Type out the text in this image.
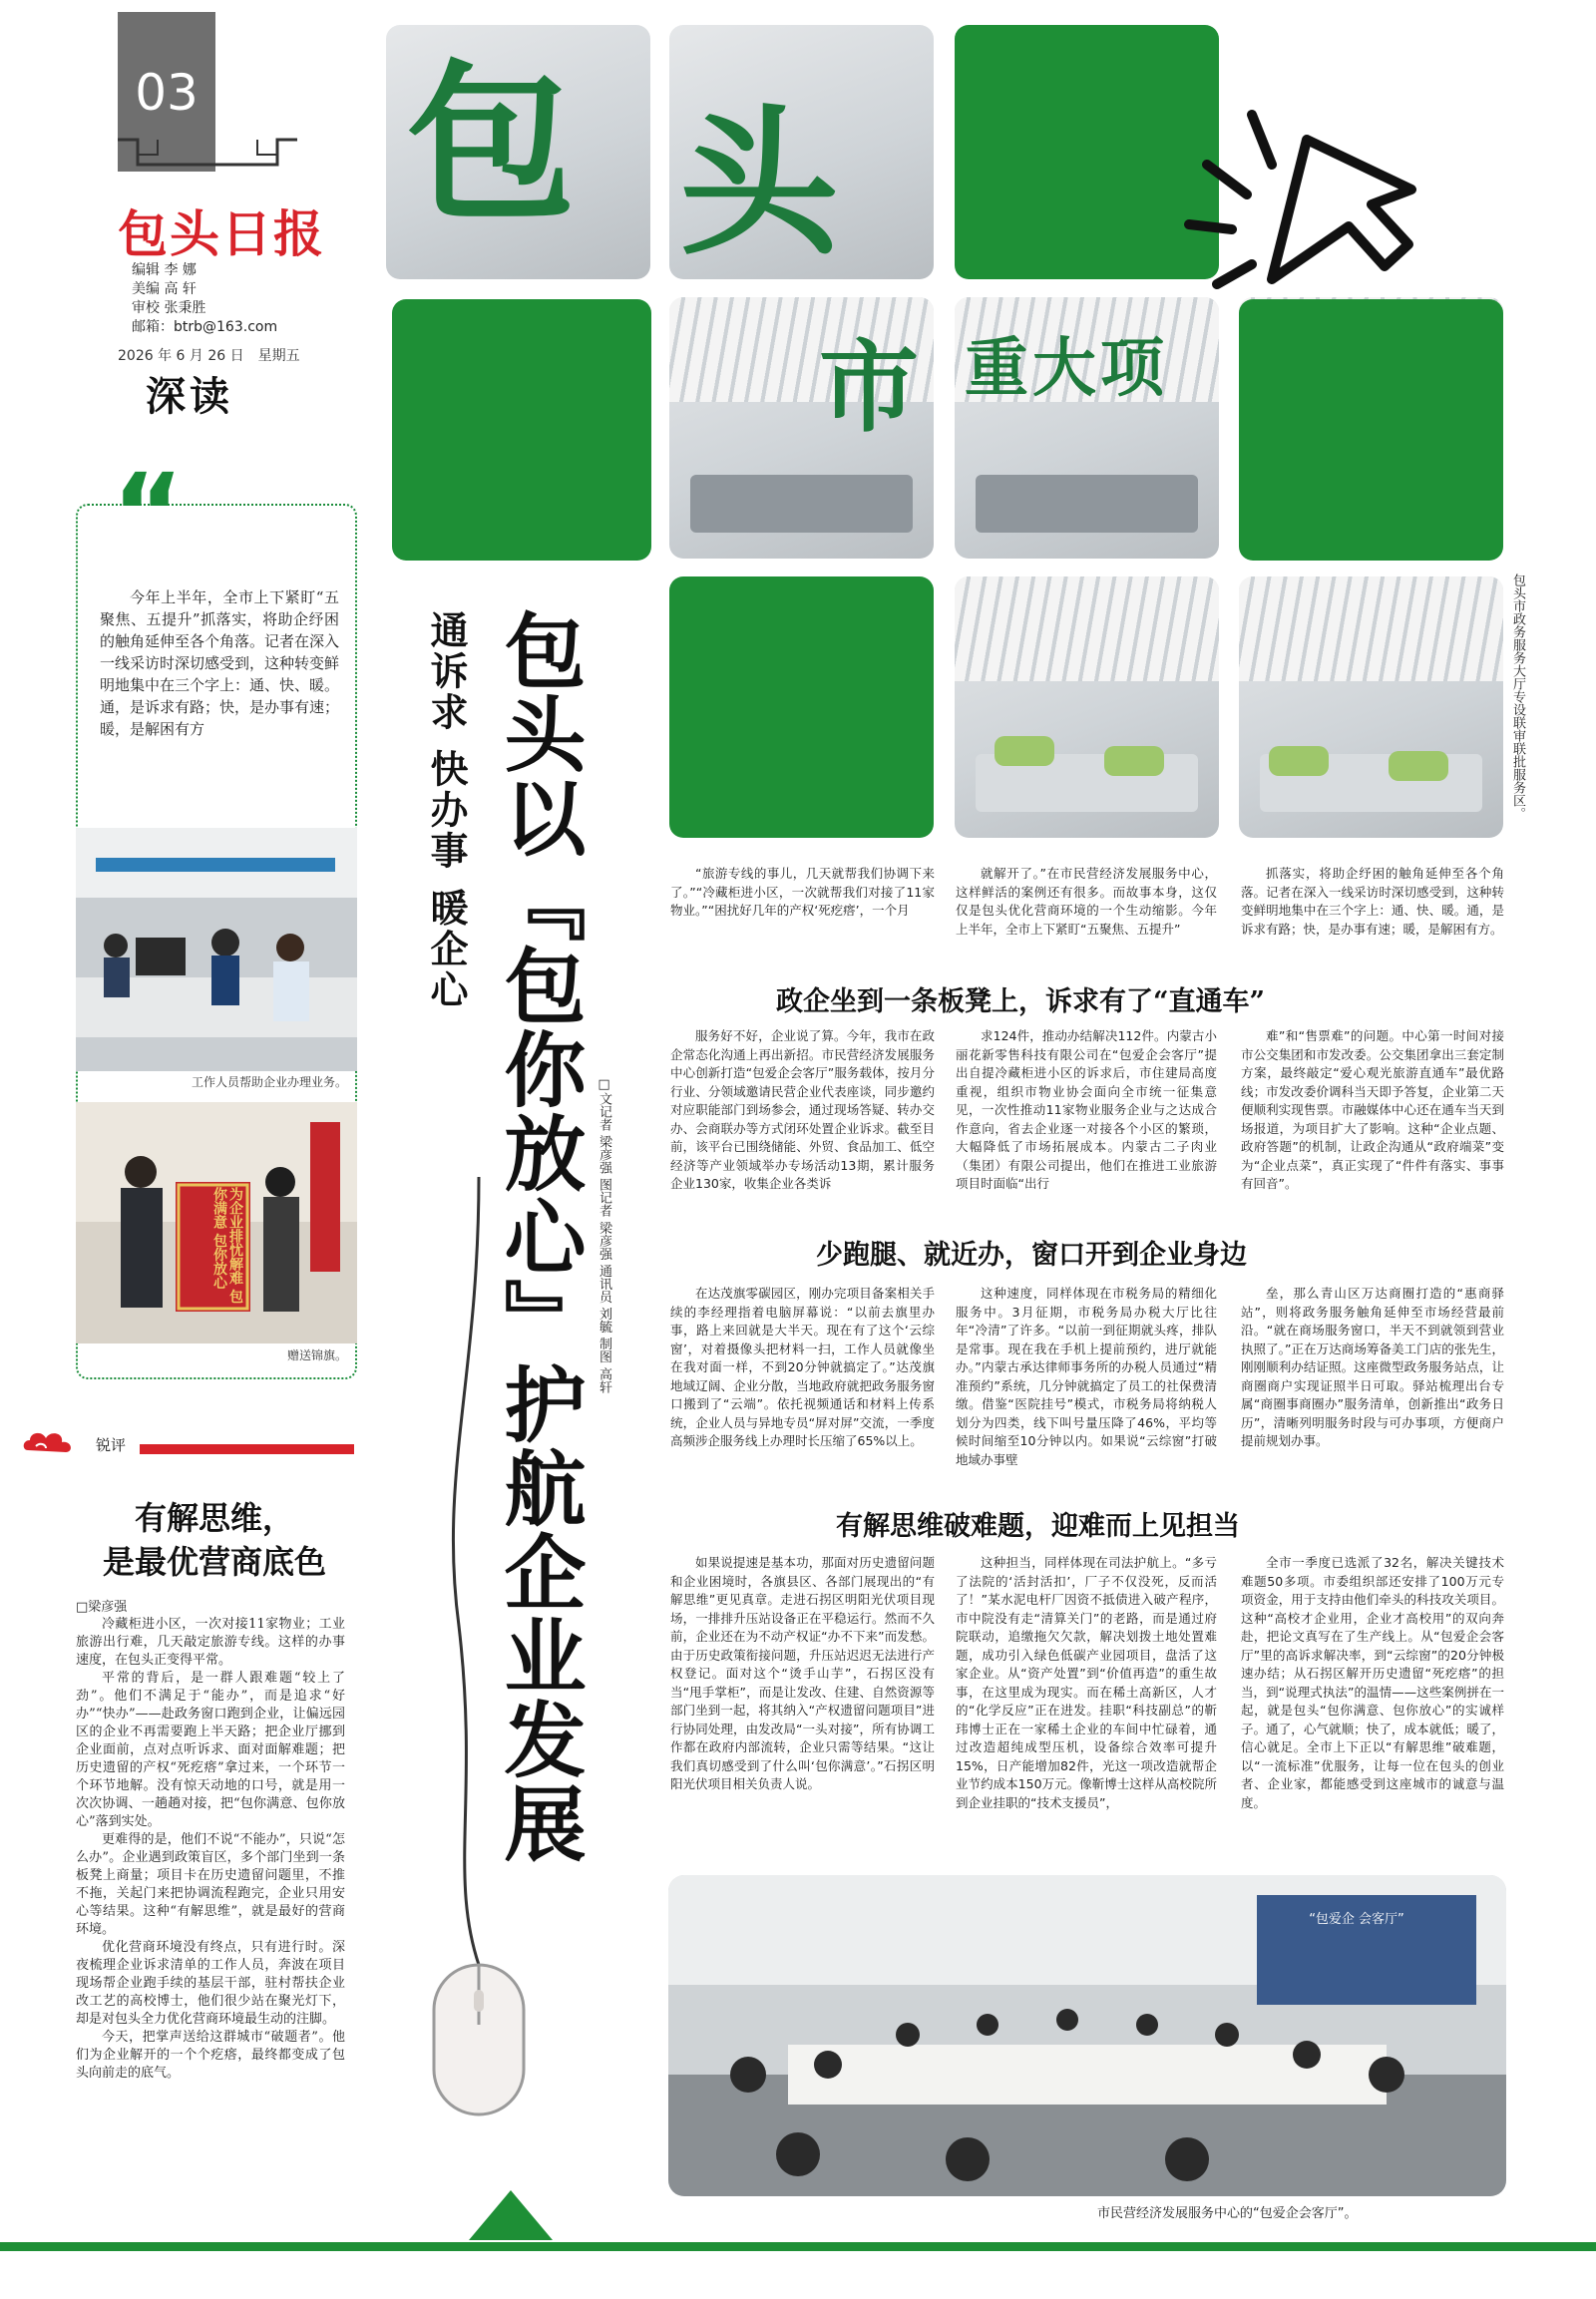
03
包头日报
编辑 李 娜
美编 高 轩
审校 张秉胜
邮箱：btrb@163.com
2026 年 6 月 26 日　星期五
深读
“
今年上半年，全市上下紧盯“五聚焦、五提升”抓落实，将助企纾困的触角延伸至各个角落。记者在深入一线采访时深切感受到，这种转变鲜明地集中在三个字上：通、快、暖。通，是诉求有路；快，是办事有速；暖，是解困有方
工作人员帮助企业办理业务。
为企业排忧解难 包你满意 包你放心
赠送锦旗。
锐评
有解思维，
是最优营商底色
□梁彦强

冷藏柜进小区，一次对接11家物业；工业旅游出行难，几天敲定旅游专线。这样的办事速度，在包头正变得平常。

平常的背后，是一群人跟难题“较上了劲”。他们不满足于“能办”，而是追求“好办”“快办”——赴政务窗口跑到企业，让偏远园区的企业不再需要跑上半天路；把企业厅挪到企业面前，点对点听诉求、面对面解难题；把历史遗留的产权“死疙瘩”拿过来，一个环节一个环节地解。没有惊天动地的口号，就是用一次次协调、一趟趟对接，把“包你满意、包你放心”落到实处。

更难得的是，他们不说“不能办”，只说“怎么办”。企业遇到政策盲区，多个部门坐到一条板凳上商量；项目卡在历史遗留问题里，不推不拖，关起门来把协调流程跑完，企业只用安心等结果。这种“有解思维”，就是最好的营商环境。

优化营商环境没有终点，只有进行时。深夜梳理企业诉求清单的工作人员，奔波在项目现场帮企业跑手续的基层干部，驻村帮扶企业改工艺的高校博士，他们很少站在聚光灯下，却是对包头全力优化营商环境最生动的注脚。

今天，把掌声送给这群城市“破题者”。他们为企业解开的一个个疙瘩，最终都变成了包头向前走的底气。

包 头
市 重 大 项
包头市政务服务大厅专设联审联批服务区。
通诉求 快办事 暖企心 包头以『包你放心』护航企业发展 □文记者 梁彦强 图记者 梁彦强 通讯员 刘毓 制图 高轩

“旅游专线的事儿，几天就帮我们协调下来了。”“冷藏柜进小区，一次就帮我们对接了11家物业。”“困扰好几年的产权‘死疙瘩’，一个月

就解开了。”在市民营经济发展服务中心，这样鲜活的案例还有很多。而故事本身，这仅仅是包头优化营商环境的一个生动缩影。今年上半年，全市上下紧盯“五聚焦、五提升”

抓落实，将助企纾困的触角延伸至各个角落。记者在深入一线采访时深切感受到，这种转变鲜明地集中在三个字上：通、快、暖。通，是诉求有路；快，是办事有速；暖，是解困有方。

政企坐到一条板凳上，诉求有了“直通车”

服务好不好，企业说了算。今年，我市在政企常态化沟通上再出新招。市民营经济发展服务中心创新打造“包爱企会客厅”服务载体，按月分行业、分领域邀请民营企业代表座谈，同步邀约对应职能部门到场参会，通过现场答疑、转办交办、会商联办等方式闭环处置企业诉求。截至目前，该平台已围绕储能、外贸、食品加工、低空经济等产业领域举办专场活动13期，累计服务企业130家，收集企业各类诉

求124件，推动办结解决112件。内蒙古小丽花新零售科技有限公司在“包爱企会客厅”提出自提冷藏柜进小区的诉求后，市住建局高度重视，组织市物业协会面向全市统一征集意见，一次性推动11家物业服务企业与之达成合作意向，省去企业逐一对接各个小区的繁琐，大幅降低了市场拓展成本。内蒙古二子肉业（集团）有限公司提出，他们在推进工业旅游项目时面临“出行

难”和“售票难”的问题。中心第一时间对接市公交集团和市发改委。公交集团拿出三套定制方案，最终敲定“爱心观光旅游直通车”最优路线；市发改委价调科当天即予答复，企业第二天便顺利实现售票。市融媒体中心还在通车当天到场报道，为项目扩大了影响。这种“企业点题、政府答题”的机制，让政企沟通从“政府端菜”变为“企业点菜”，真正实现了“件件有落实、事事有回音”。

少跑腿、就近办，窗口开到企业身边

在达茂旗零碳园区，刚办完项目备案相关手续的李经理指着电脑屏幕说：“以前去旗里办事，路上来回就是大半天。现在有了这个‘云综窗’，对着摄像头把材料一扫，工作人员就像坐在我对面一样，不到20分钟就搞定了。”达茂旗地域辽阔、企业分散，当地政府就把政务服务窗口搬到了“云端”。依托视频通话和材料上传系统，企业人员与异地专员“屏对屏”交流，一季度高频涉企服务线上办理时长压缩了65%以上。

这种速度，同样体现在市税务局的精细化服务中。3月征期，市税务局办税大厅比往年“冷清”了许多。“以前一到征期就头疼，排队是常事。现在我在手机上提前预约，进厅就能办。”内蒙古承达律师事务所的办税人员通过“精准预约”系统，几分钟就搞定了员工的社保费清缴。借鉴“医院挂号”模式，市税务局将纳税人划分为四类，线下叫号量压降了46%，平均等候时间缩至10分钟以内。如果说“云综窗”打破地域办事壁

垒，那么青山区万达商圈打造的“惠商驿站”，则将政务服务触角延伸至市场经营最前沿。“就在商场服务窗口，半天不到就领到营业执照了。”正在万达商场筹备美工门店的张先生，刚刚顺利办结证照。这座微型政务服务站点，让商圈商户实现证照半日可取。驿站梳理出台专属“商圈事商圈办”服务清单，创新推出“政务日历”，清晰列明服务时段与可办事项，方便商户提前规划办事。

有解思维破难题，迎难而上见担当

如果说提速是基本功，那面对历史遗留问题和企业困境时，各旗县区、各部门展现出的“有解思维”更见真章。走进石拐区明阳光伏项目现场，一排排升压站设备正在平稳运行。然而不久前，企业还在为不动产权证“办不下来”而发愁。由于历史政策衔接问题，升压站迟迟无法进行产权登记。面对这个“烫手山芋”，石拐区没有当“甩手掌柜”，而是让发改、住建、自然资源等部门坐到一起，将其纳入“产权遗留问题项目”进行协同处理，由发改局“一头对接”，所有协调工作都在政府内部流转，企业只需等结果。“这让我们真切感受到了什么叫‘包你满意’。”石拐区明阳光伏项目相关负责人说。

这种担当，同样体现在司法护航上。“多亏了法院的‘活封活扣’，厂子不仅没死，反而活了！”某水泥电杆厂因资不抵债进入破产程序，市中院没有走“清算关门”的老路，而是通过府院联动，追缴拖欠欠款，解决划拨土地处置难题，成功引入绿色低碳产业园项目，盘活了这家企业。从“资产处置”到“价值再造”的重生故事，在这里成为现实。而在稀土高新区，人才的“化学反应”正在进发。挂职“科技副总”的靳玮博士正在一家稀土企业的车间中忙碌着，通过改造超纯成型压机，设备综合效率可提升15%，日产能增加82件，光这一项改造就帮企业节约成本150万元。像靳博士这样从高校院所到企业挂职的“技术支援员”，

全市一季度已选派了32名，解决关键技术难题50多项。市委组织部还安排了100万元专项资金，用于支持由他们牵头的科技攻关项目。这种“高校才企业用，企业才高校用”的双向奔赴，把论文真写在了生产线上。从“包爱企会客厅”里的高诉求解决率，到“云综窗”的20分钟极速办结；从石拐区解开历史遗留“死疙瘩”的担当，到“说理式执法”的温情——这些案例拼在一起，就是包头“包你满意、包你放心”的实诚样子。通了，心气就顺；快了，成本就低；暖了，信心就足。全市上下正以“有解思维”破难题，以“一流标准”优服务，让每一位在包头的创业者、企业家，都能感受到这座城市的诚意与温度。

“包爱企 会客厅”
市民营经济发展服务中心的“包爱企会客厅”。
